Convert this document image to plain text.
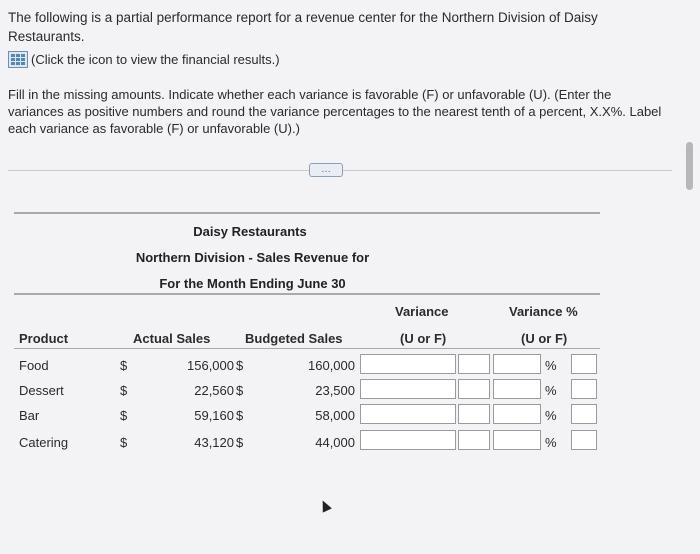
The following is a partial performance report for a revenue center for the Northern Division of Daisy Restaurants.
(Click the icon to view the financial results.)
Fill in the missing amounts. Indicate whether each variance is favorable (F) or unfavorable (U). (Enter the variances as positive numbers and round the variance percentages to the nearest tenth of a percent, X.X%. Label each variance as favorable (F) or unfavorable (U).)
…
Daisy Restaurants
Northern Division - Sales Revenue for
For the Month Ending June 30
Variance	Variance %
Product	Actual Sales	Budgeted Sales	(U or F)	(U or F)
Food	$	156,000 $	160,000	%
Dessert	$	22,560 $	23,500	%
Bar	$	59,160 $	58,000	%
Catering	$	43,120 $	44,000	%
